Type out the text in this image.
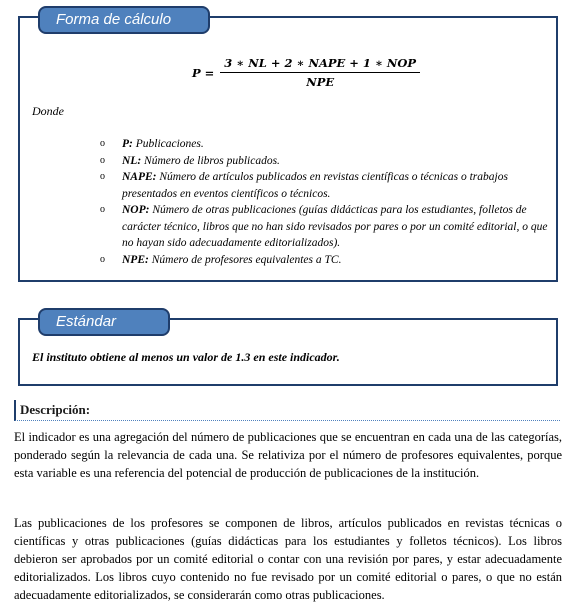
Forma de cálculo
$P = \frac{\text{3 ∗ NL + 2 ∗ NAPE + 1 ∗ NOP}}{\text{NPE}}$
Donde
o P: Publicaciones.
o NL: Número de libros publicados.
o NAPE: Número de artículos publicados en revistas científicas o técnicas o trabajos presentados en eventos científicos o técnicos.
o NOP: Número de otras publicaciones (guías didácticas para los estudiantes, folletos de carácter técnico, libros que no han sido revisados por pares o por un comité editorial, o que no hayan sido adecuadamente editorializados).
o NPE: Número de profesores equivalentes a TC.
Estándar
El instituto obtiene al menos un valor de 1.3 en este indicador.
Descripción:

El indicador es una agregación del número de publicaciones que se encuentran en cada una de las categorías, ponderado según la relevancia de cada una. Se relativiza por el número de profesores equivalentes, porque esta variable es una referencia del potencial de producción de publicaciones de la institución.

Las publicaciones de los profesores se componen de libros, artículos publicados en revistas técnicas o científicas y otras publicaciones (guías didácticas para los estudiantes y folletos técnicos). Los libros debieron ser aprobados por un comité editorial o contar con una revisión por pares, y estar adecuadamente editorializados. Los libros cuyo contenido no fue revisado por un comité editorial o pares, o que no están adecuadamente editorializados, se considerarán como otras publicaciones.
